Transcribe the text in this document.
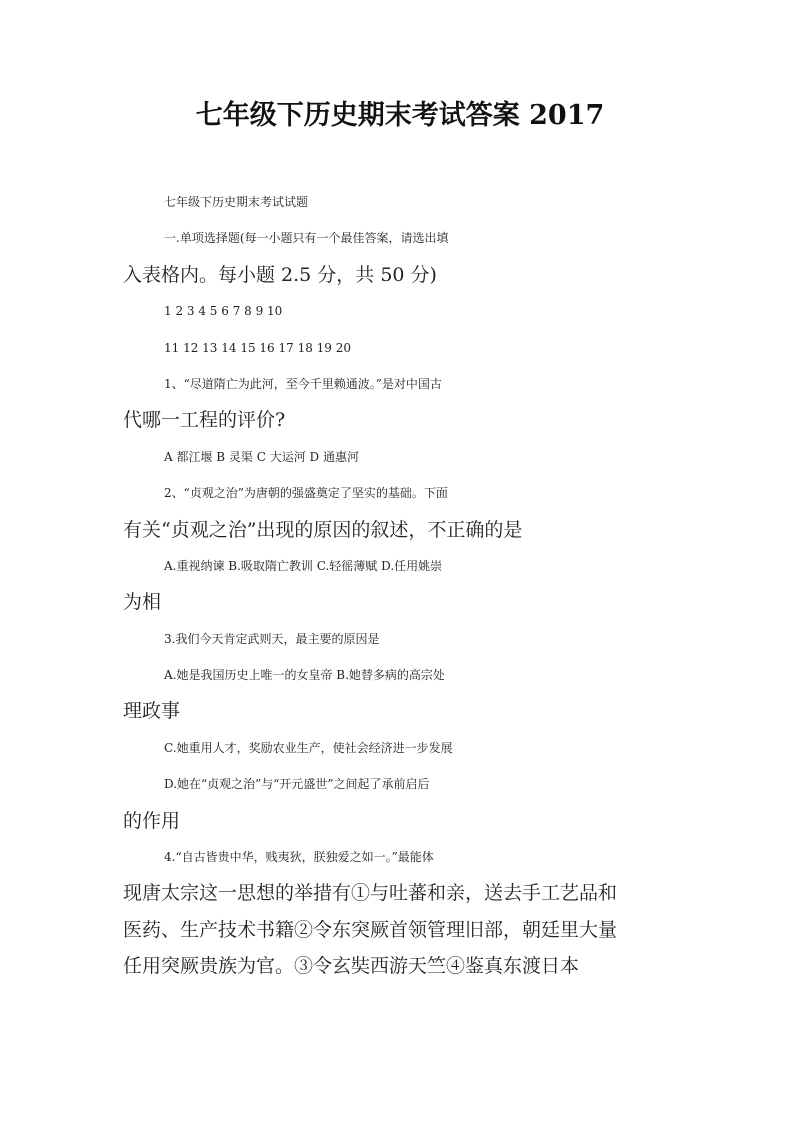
七年级下历史期末考试答案 2017
七年级下历史期末考试试题
一.单项选择题(每一小题只有一个最佳答案，请选出填
入表格内。每小题 2.5 分，共 50 分)
1 2 3 4 5 6 7 8 9 10
11 12 13 14 15 16 17 18 19 20
1、“尽道隋亡为此河，至今千里赖通波。”是对中国古
代哪一工程的评价?
A 都江堰 B 灵渠 C 大运河 D 通惠河
2、“贞观之治”为唐朝的强盛奠定了坚实的基础。下面
有关“贞观之治”出现的原因的叙述，不正确的是
A.重视纳谏 B.吸取隋亡教训 C.轻徭薄赋 D.任用姚崇
为相
3.我们今天肯定武则天，最主要的原因是
A.她是我国历史上唯一的女皇帝 B.她替多病的高宗处
理政事
C.她重用人才，奖励农业生产，使社会经济进一步发展
D.她在“贞观之治”与“开元盛世”之间起了承前启后
的作用
4.“自古皆贵中华，贱夷狄，朕独爱之如一。”最能体
现唐太宗这一思想的举措有①与吐蕃和亲，送去手工艺品和
医药、生产技术书籍②令东突厥首领管理旧部，朝廷里大量
任用突厥贵族为官。③令玄奘西游天竺④鉴真东渡日本
